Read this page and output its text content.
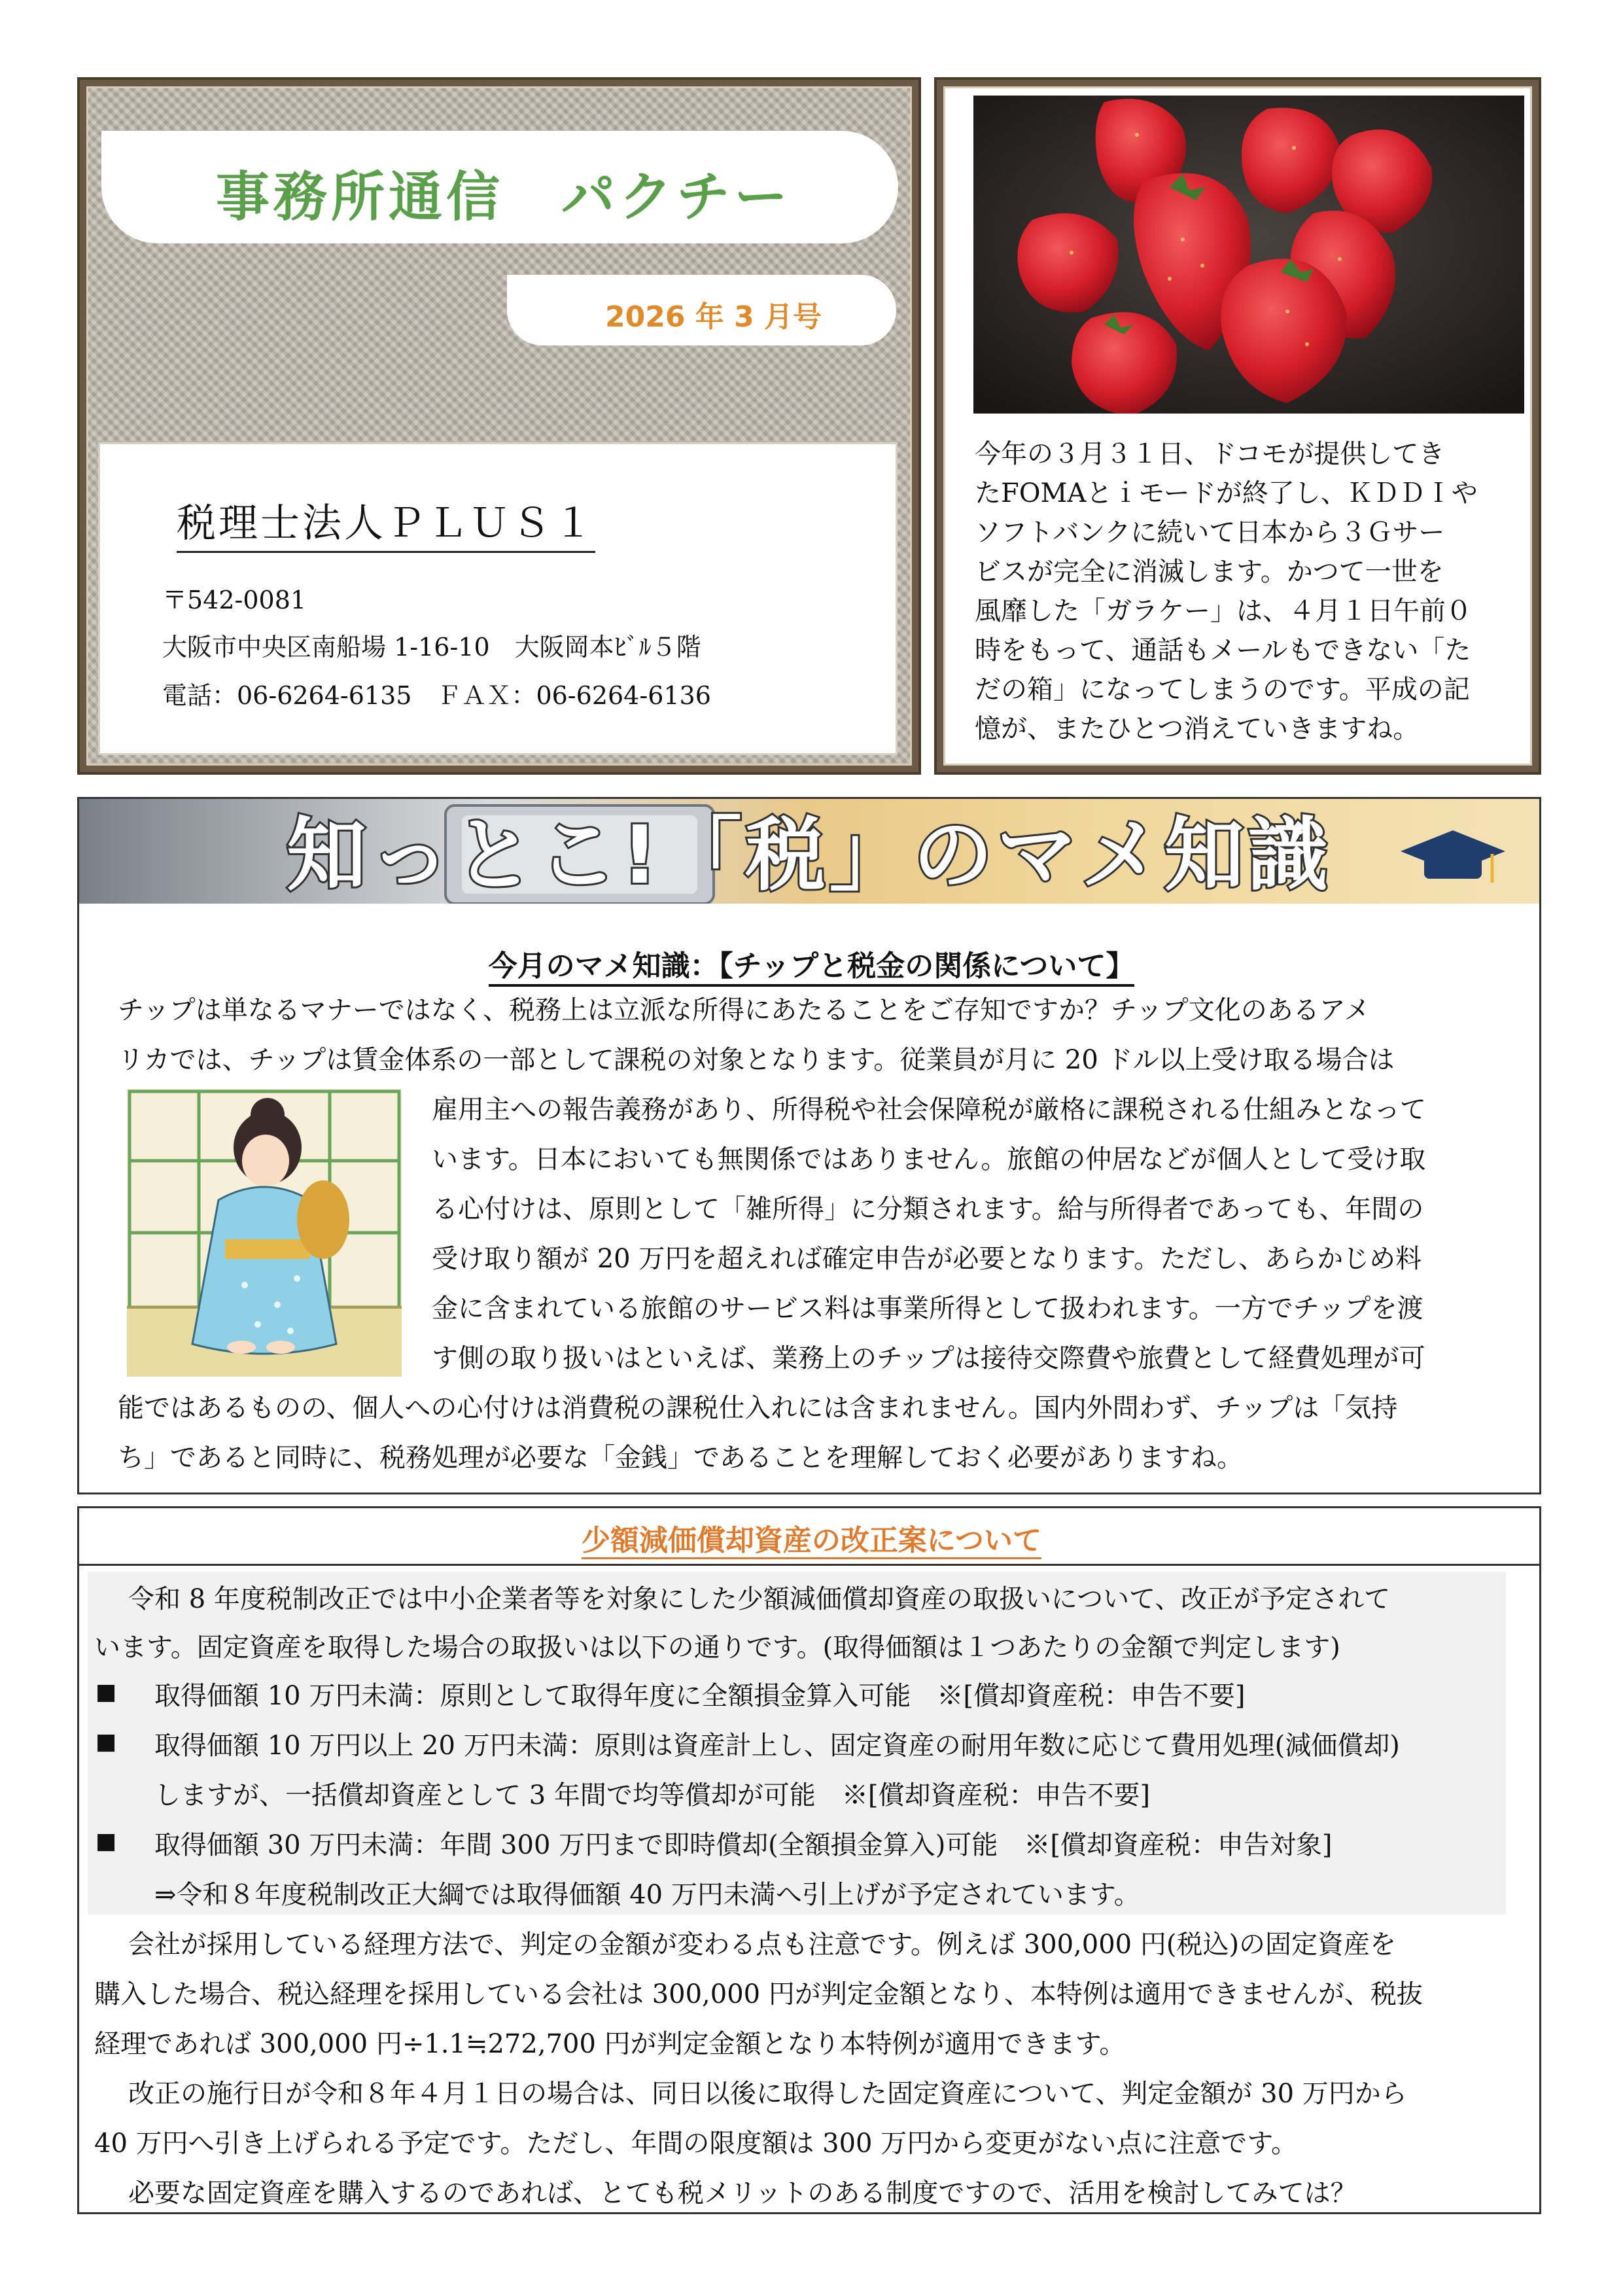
事務所通信　パクチー
2026 年 3 月号
税理士法人ＰＬＵＳ１
〒542-0081
大阪市中央区南船場 1-16-10　大阪岡本ﾋﾞﾙ５階
電話：06-6264-6135　ＦＡＸ：06-6264-6136
今年の３月３１日、ドコモが提供してき
たFOMAとｉモードが終了し、ＫＤＤＩや
ソフトバンクに続いて日本から３Ｇサー
ビスが完全に消滅します。かつて一世を
風靡した「ガラケー」は、４月１日午前０
時をもって、通話もメールもできない「た
だの箱」になってしまうのです。平成の記
憶が、またひとつ消えていきますね。
知っとこ!「税」のマメ知識
今月のマメ知識：【チップと税金の関係について】
チップは単なるマナーではなく、税務上は立派な所得にあたることをご存知ですか？チップ文化のあるアメ
リカでは、チップは賃金体系の一部として課税の対象となります。従業員が月に 20 ドル以上受け取る場合は
雇用主への報告義務があり、所得税や社会保障税が厳格に課税される仕組みとなって
います。日本においても無関係ではありません。旅館の仲居などが個人として受け取
る心付けは、原則として「雑所得」に分類されます。給与所得者であっても、年間の
受け取り額が 20 万円を超えれば確定申告が必要となります。ただし、あらかじめ料
金に含まれている旅館のサービス料は事業所得として扱われます。一方でチップを渡
す側の取り扱いはといえば、業務上のチップは接待交際費や旅費として経費処理が可
能ではあるものの、個人への心付けは消費税の課税仕入れには含まれません。国内外問わず、チップは「気持
ち」であると同時に、税務処理が必要な「金銭」であることを理解しておく必要がありますね。
少額減価償却資産の改正案について
令和 8 年度税制改正では中小企業者等を対象にした少額減価償却資産の取扱いについて、改正が予定されて
います。固定資産を取得した場合の取扱いは以下の通りです。(取得価額は１つあたりの金額で判定します)
■ 取得価額 10 万円未満：原則として取得年度に全額損金算入可能　※[償却資産税：申告不要]
■ 取得価額 10 万円以上 20 万円未満：原則は資産計上し、固定資産の耐用年数に応じて費用処理(減価償却)
しますが、一括償却資産として 3 年間で均等償却が可能　※[償却資産税：申告不要]
■ 取得価額 30 万円未満：年間 300 万円まで即時償却(全額損金算入)可能　※[償却資産税：申告対象]
⇒令和８年度税制改正大綱では取得価額 40 万円未満へ引上げが予定されています。
会社が採用している経理方法で、判定の金額が変わる点も注意です。例えば 300,000 円(税込)の固定資産を
購入した場合、税込経理を採用している会社は 300,000 円が判定金額となり、本特例は適用できませんが、税抜
経理であれば 300,000 円÷1.1≒272,700 円が判定金額となり本特例が適用できます。
改正の施行日が令和８年４月１日の場合は、同日以後に取得した固定資産について、判定金額が 30 万円から
40 万円へ引き上げられる予定です。ただし、年間の限度額は 300 万円から変更がない点に注意です。
必要な固定資産を購入するのであれば、とても税メリットのある制度ですので、活用を検討してみては？
